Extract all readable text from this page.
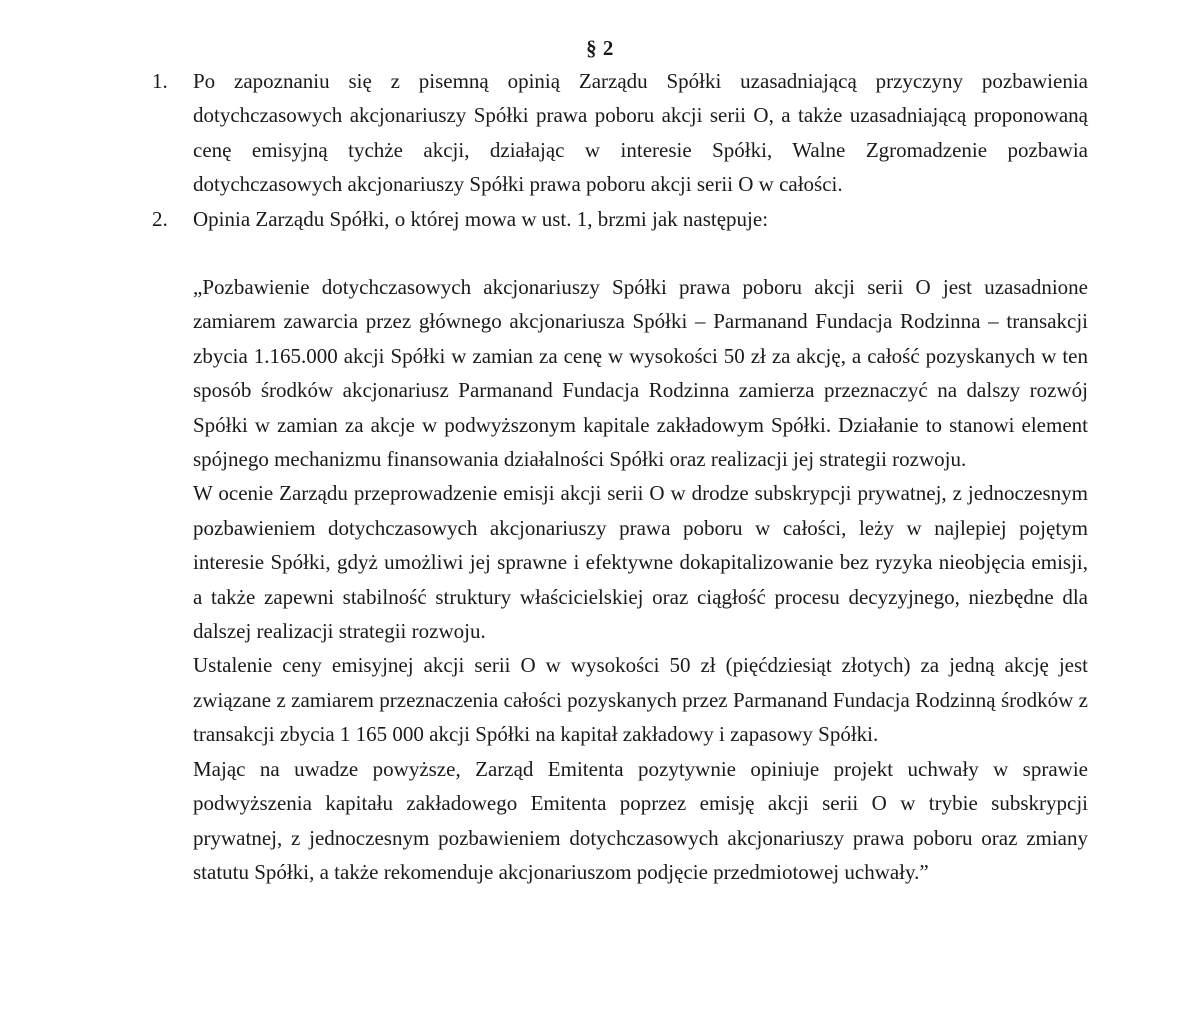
§ 2
1. Po zapoznaniu się z pisemną opinią Zarządu Spółki uzasadniającą przyczyny pozbawienia dotychczasowych akcjonariuszy Spółki prawa poboru akcji serii O, a także uzasadniającą proponowaną cenę emisyjną tychże akcji, działając w interesie Spółki, Walne Zgromadzenie pozbawia dotychczasowych akcjonariuszy Spółki prawa poboru akcji serii O w całości.
2. Opinia Zarządu Spółki, o której mowa w ust. 1, brzmi jak następuje:

„Pozbawienie dotychczasowych akcjonariuszy Spółki prawa poboru akcji serii O jest uzasadnione zamiarem zawarcia przez głównego akcjonariusza Spółki – Parmanand Fundacja Rodzinna – transakcji zbycia 1.165.000 akcji Spółki w zamian za cenę w wysokości 50 zł za akcję, a całość pozyskanych w ten sposób środków akcjonariusz Parmanand Fundacja Rodzinna zamierza przeznaczyć na dalszy rozwój Spółki w zamian za akcje w podwyższonym kapitale zakładowym Spółki. Działanie to stanowi element spójnego mechanizmu finansowania działalności Spółki oraz realizacji jej strategii rozwoju.

W ocenie Zarządu przeprowadzenie emisji akcji serii O w drodze subskrypcji prywatnej, z jednoczesnym pozbawieniem dotychczasowych akcjonariuszy prawa poboru w całości, leży w najlepiej pojętym interesie Spółki, gdyż umożliwi jej sprawne i efektywne dokapitalizowanie bez ryzyka nieobjęcia emisji, a także zapewni stabilność struktury właścicielskiej oraz ciągłość procesu decyzyjnego, niezbędne dla dalszej realizacji strategii rozwoju.

Ustalenie ceny emisyjnej akcji serii O w wysokości 50 zł (pięćdziesiąt złotych) za jedną akcję jest związane z zamiarem przeznaczenia całości pozyskanych przez Parmanand Fundacja Rodzinną środków z transakcji zbycia 1 165 000 akcji Spółki na kapitał zakładowy i zapasowy Spółki.

Mając na uwadze powyższe, Zarząd Emitenta pozytywnie opiniuje projekt uchwały w sprawie podwyższenia kapitału zakładowego Emitenta poprzez emisję akcji serii O w trybie subskrypcji prywatnej, z jednoczesnym pozbawieniem dotychczasowych akcjonariuszy prawa poboru oraz zmiany statutu Spółki, a także rekomenduje akcjonariuszom podjęcie przedmiotowej uchwały.”
